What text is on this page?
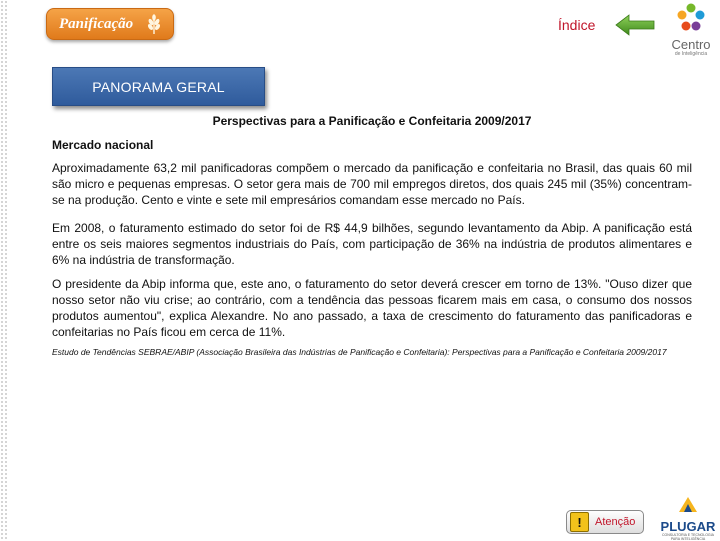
Panificação	Índice
Centro
de Inteligência
PANORAMA GERAL
Perspectivas para a Panificação e Confeitaria 2009/2017
Mercado nacional

Aproximadamente 63,2 mil panificadoras compõem o mercado da panificação e confeitaria no Brasil, das quais 60 mil são micro e pequenas empresas. O setor gera mais de 700 mil empregos diretos, dos quais 245 mil (35%) concentram-se na produção. Cento e vinte e sete mil empresários comandam esse mercado no País.

Em 2008, o faturamento estimado do setor foi de R$ 44,9 bilhões, segundo levantamento da Abip. A panificação está entre os seis maiores segmentos industriais do País, com participação de 36% na indústria de produtos alimentares e 6% na indústria de transformação.

O presidente da Abip informa que, este ano, o faturamento do setor deverá crescer em torno de 13%. "Ouso dizer que nosso setor não viu crise; ao contrário, com a tendência das pessoas ficarem mais em casa, o consumo dos nossos produtos aumentou", explica Alexandre. No ano passado, a taxa de crescimento do faturamento das panificadoras e confeitarias no País ficou em cerca de 11%.

Estudo de Tendências SEBRAE/ABIP (Associação Brasileira das Indústrias de Panificação e Confeitaria): Perspectivas para a Panificação e Confeitaria 2009/2017

!	Atenção PLUGAR
CONSULTORIA E TECNOLOGIA
PARA INTELIGÊNCIA
